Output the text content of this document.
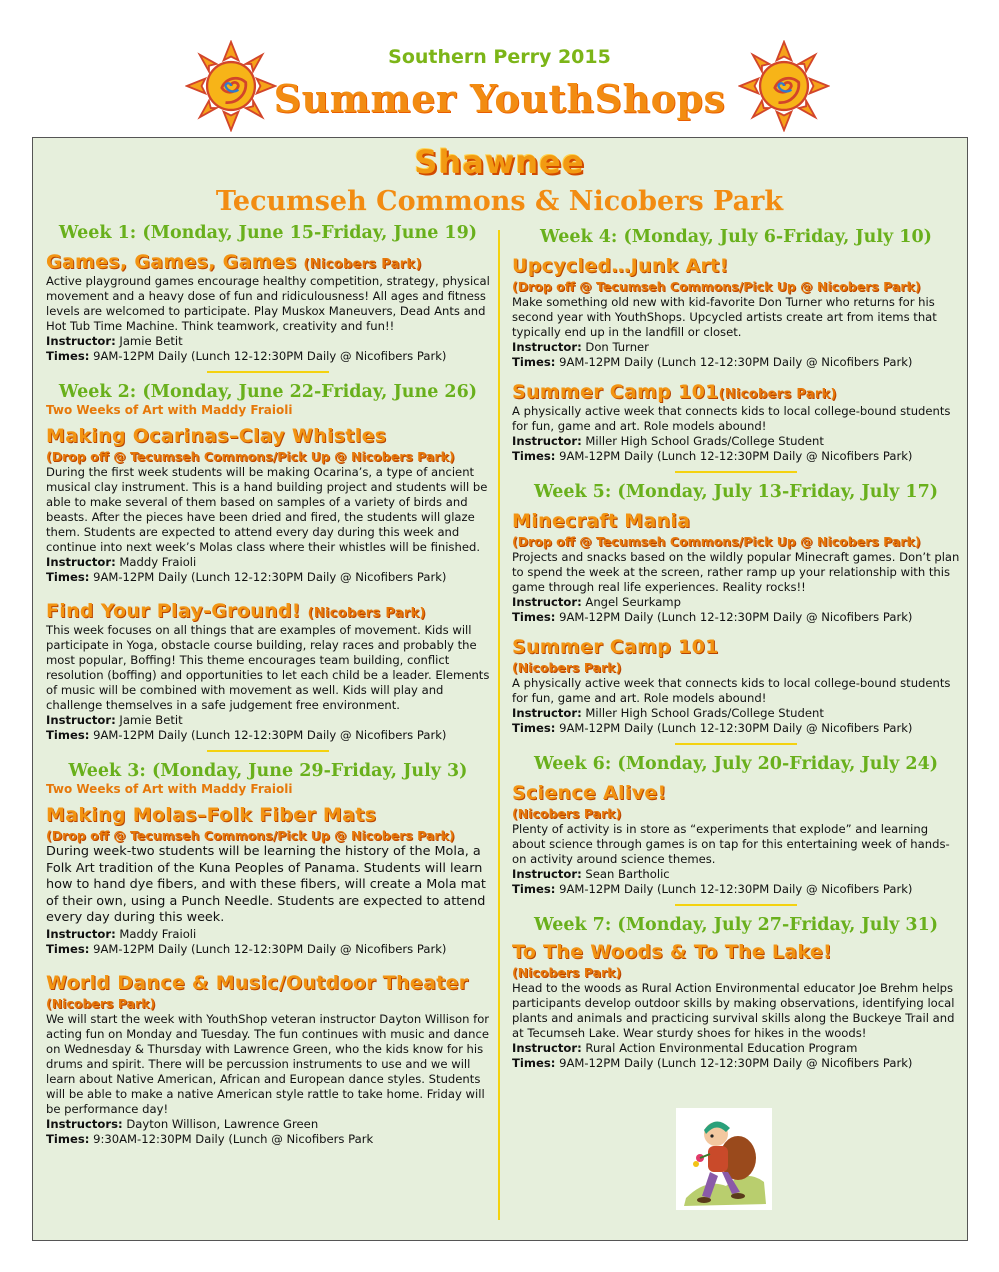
Southern Perry 2015
Summer YouthShops
Shawnee
Tecumseh Commons & Nicobers Park
Week 1: (Monday, June 15-Friday, June 19)
Games, Games, Games (Nicobers Park)
Active playground games encourage healthy competition, strategy, physical movement and a heavy dose of fun and ridiculousness! All ages and fitness levels are welcomed to participate. Play Muskox Maneuvers, Dead Ants and Hot Tub Time Machine. Think teamwork, creativity and fun!!
Instructor: Jamie Betit
Times: 9AM-12PM Daily (Lunch 12-12:30PM Daily @ Nicofibers Park)
Week 2: (Monday, June 22-Friday, June 26)
Two Weeks of Art with Maddy Fraioli
Making Ocarinas–Clay Whistles
(Drop off @ Tecumseh Commons/Pick Up @ Nicobers Park)
During the first week students will be making Ocarina’s, a type of ancient musical clay instrument. This is a hand building project and students will be able to make several of them based on samples of a variety of birds and beasts. After the pieces have been dried and fired, the students will glaze them. Students are expected to attend every day during this week and continue into next week’s Molas class where their whistles will be finished.
Instructor: Maddy Fraioli
Times: 9AM-12PM Daily (Lunch 12-12:30PM Daily @ Nicofibers Park)
Find Your Play-Ground! (Nicobers Park)
This week focuses on all things that are examples of movement. Kids will participate in Yoga, obstacle course building, relay races and probably the most popular, Boffing! This theme encourages team building, conflict resolution (boffing) and opportunities to let each child be a leader. Elements of music will be combined with movement as well. Kids will play and challenge themselves in a safe judgement free environment.
Instructor: Jamie Betit
Times: 9AM-12PM Daily (Lunch 12-12:30PM Daily @ Nicofibers Park)
Week 3: (Monday, June 29-Friday, July 3)
Two Weeks of Art with Maddy Fraioli
Making Molas–Folk Fiber Mats
(Drop off @ Tecumseh Commons/Pick Up @ Nicobers Park)
During week-two students will be learning the history of the Mola, a Folk Art tradition of the Kuna Peoples of Panama. Students will learn how to hand dye fibers, and with these fibers, will create a Mola mat of their own, using a Punch Needle. Students are expected to attend every day during this week.
Instructor: Maddy Fraioli
Times: 9AM-12PM Daily (Lunch 12-12:30PM Daily @ Nicofibers Park)
World Dance & Music/Outdoor Theater
(Nicobers Park)
We will start the week with YouthShop veteran instructor Dayton Willison for acting fun on Monday and Tuesday. The fun continues with music and dance on Wednesday & Thursday with Lawrence Green, who the kids know for his drums and spirit. There will be percussion instruments to use and we will learn about Native American, African and European dance styles. Students will be able to make a native American style rattle to take home. Friday will be performance day!
Instructors: Dayton Willison, Lawrence Green
Times: 9:30AM-12:30PM Daily (Lunch @ Nicofibers Park
Week 4: (Monday, July 6-Friday, July 10)
Upcycled…Junk Art!
(Drop off @ Tecumseh Commons/Pick Up @ Nicobers Park)
Make something old new with kid-favorite Don Turner who returns for his second year with YouthShops. Upcycled artists create art from items that typically end up in the landfill or closet.
Instructor: Don Turner
Times: 9AM-12PM Daily (Lunch 12-12:30PM Daily @ Nicofibers Park)
Summer Camp 101(Nicobers Park)
A physically active week that connects kids to local college-bound students for fun, game and art. Role models abound!
Instructor: Miller High School Grads/College Student
Times: 9AM-12PM Daily (Lunch 12-12:30PM Daily @ Nicofibers Park)
Week 5: (Monday, July 13-Friday, July 17)
Minecraft Mania
(Drop off @ Tecumseh Commons/Pick Up @ Nicobers Park)
Projects and snacks based on the wildly popular Minecraft games. Don’t plan to spend the week at the screen, rather ramp up your relationship with this game through real life experiences. Reality rocks!!
Instructor: Angel Seurkamp
Times: 9AM-12PM Daily (Lunch 12-12:30PM Daily @ Nicofibers Park)
Summer Camp 101
(Nicobers Park)
A physically active week that connects kids to local college-bound students for fun, game and art. Role models abound!
Instructor: Miller High School Grads/College Student
Times: 9AM-12PM Daily (Lunch 12-12:30PM Daily @ Nicofibers Park)
Week 6: (Monday, July 20-Friday, July 24)
Science Alive!
(Nicobers Park)
Plenty of activity is in store as “experiments that explode” and learning about science through games is on tap for this entertaining week of hands-on activity around science themes.
Instructor: Sean Bartholic
Times: 9AM-12PM Daily (Lunch 12-12:30PM Daily @ Nicofibers Park)
Week 7: (Monday, July 27-Friday, July 31)
To The Woods & To The Lake!
(Nicobers Park)
Head to the woods as Rural Action Environmental educator Joe Brehm helps participants develop outdoor skills by making observations, identifying local plants and animals and practicing survival skills along the Buckeye Trail and at Tecumseh Lake. Wear sturdy shoes for hikes in the woods!
Instructor: Rural Action Environmental Education Program
Times: 9AM-12PM Daily (Lunch 12-12:30PM Daily @ Nicofibers Park)
